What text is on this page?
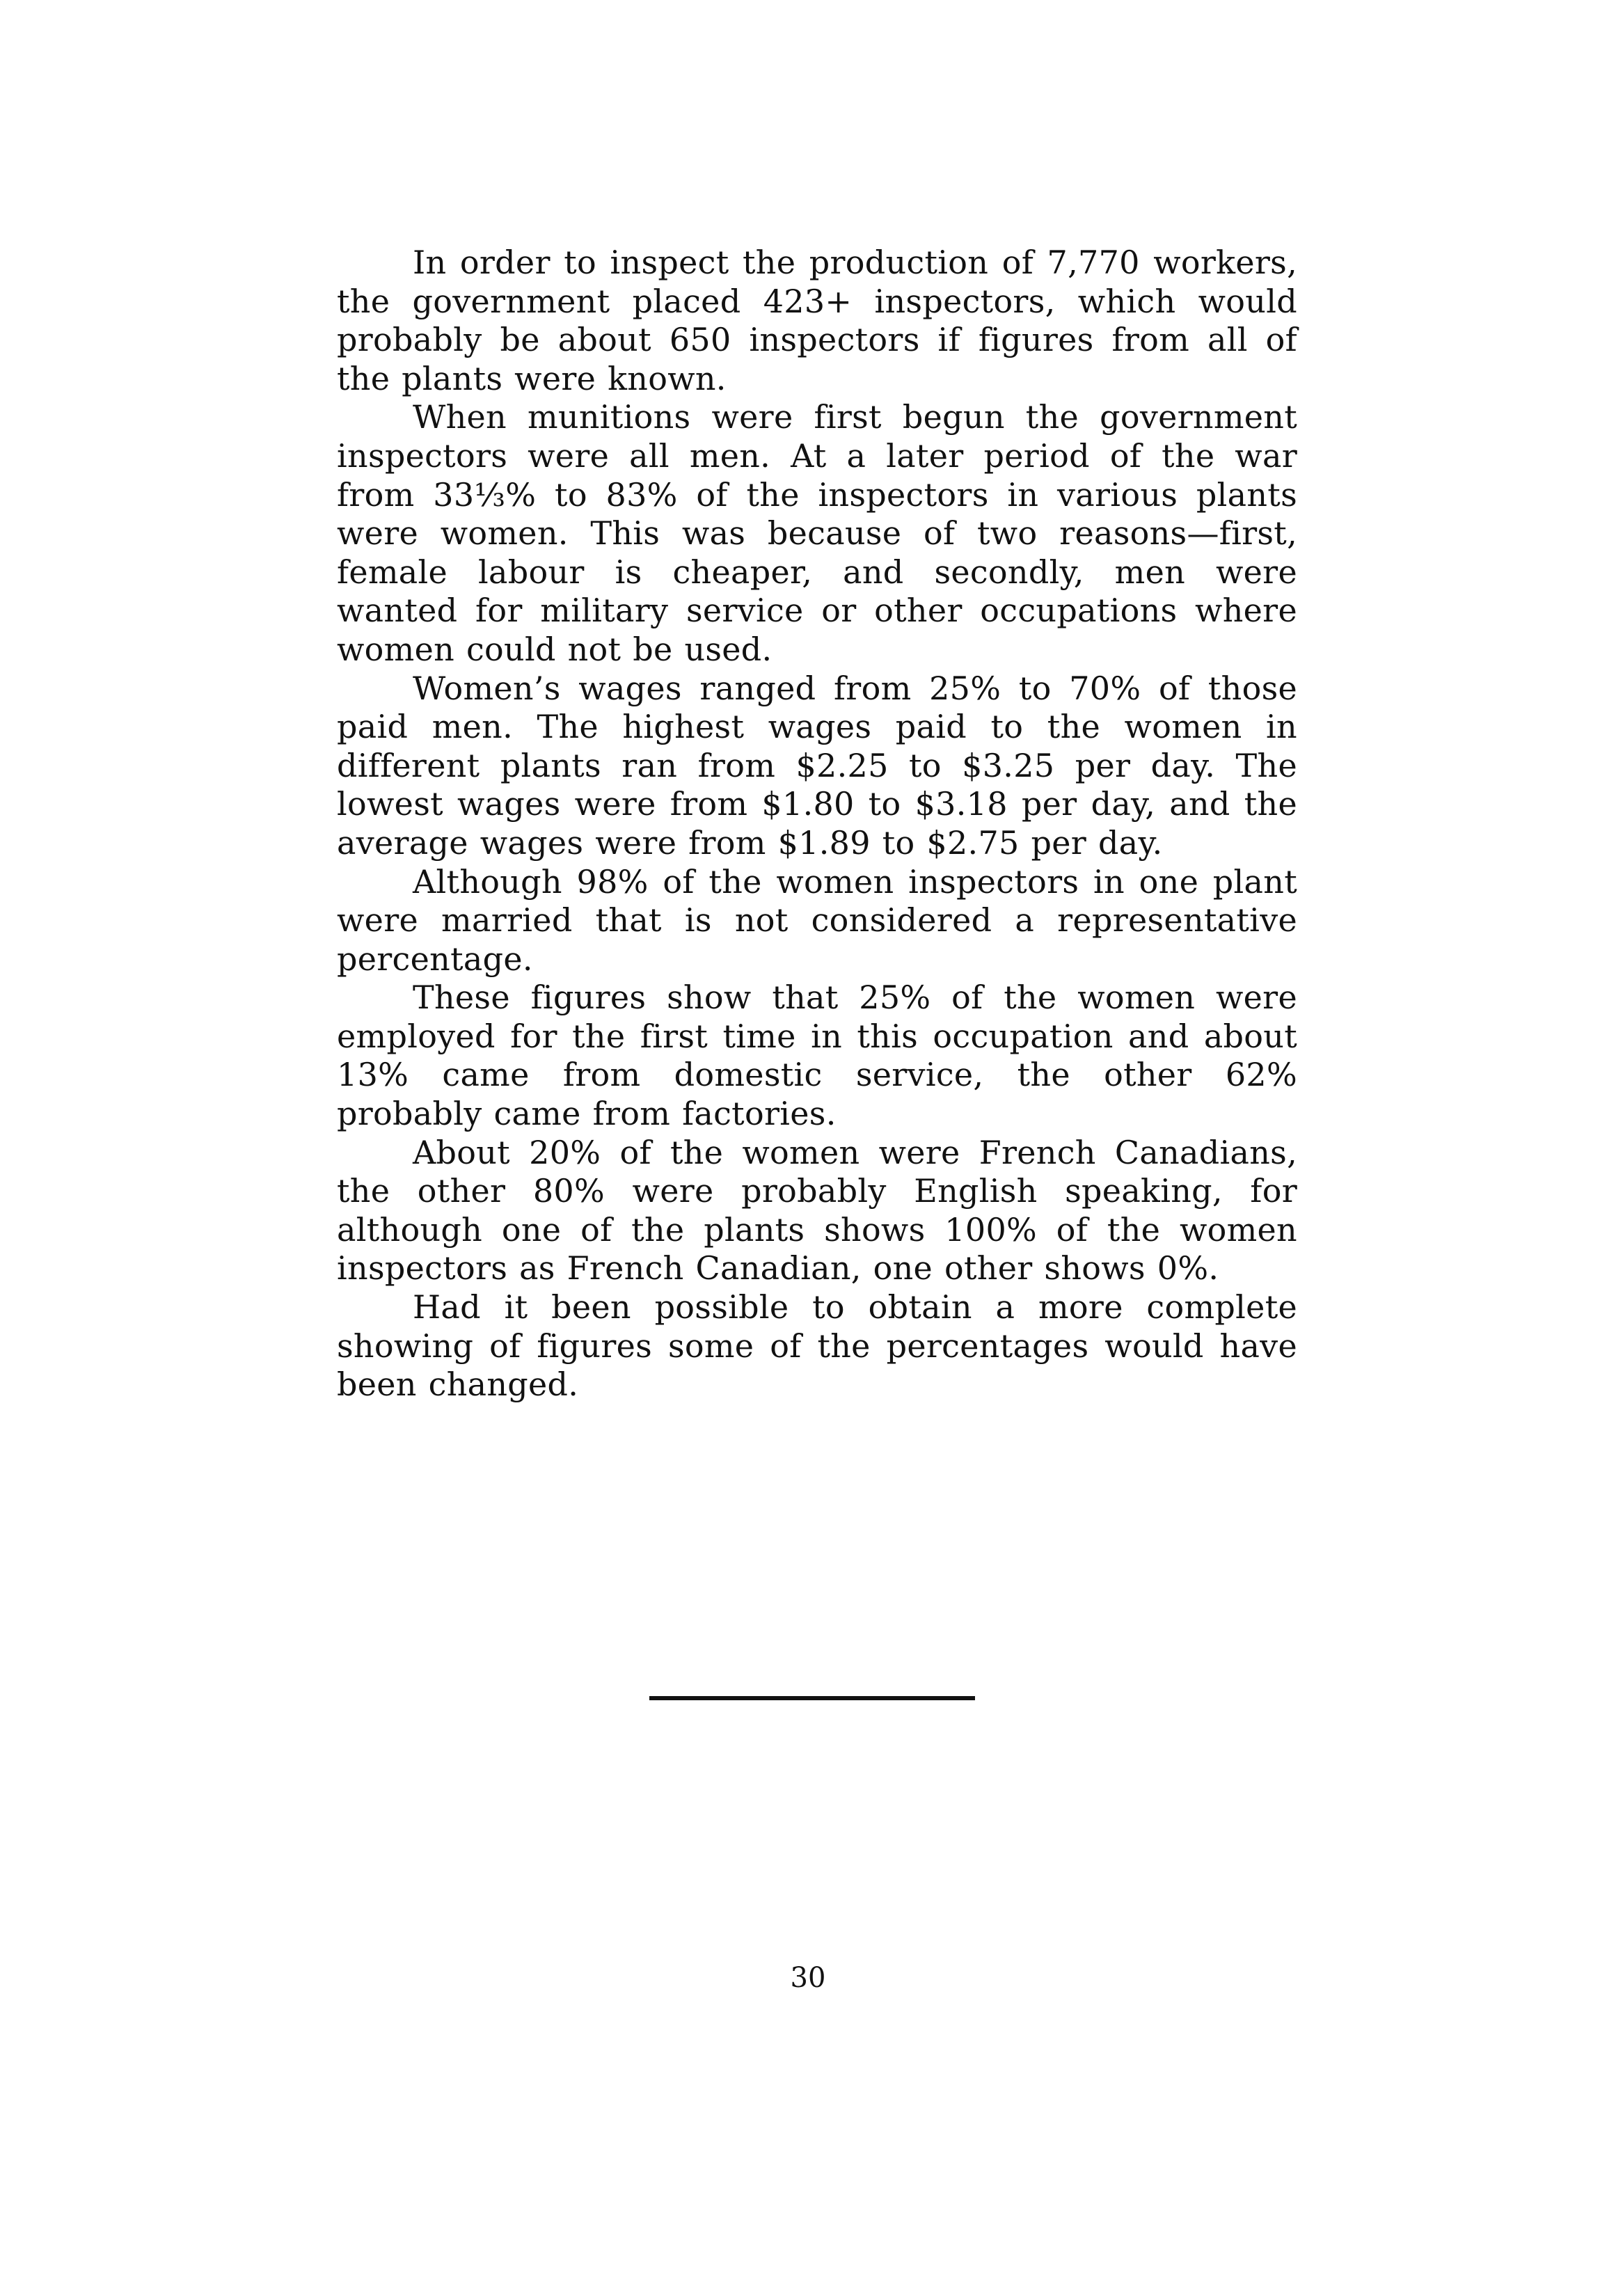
In order to inspect the production of 7,770 workers, the government placed 423+ inspectors, which would probably be about 650 inspectors if figures from all of the plants were known.

When munitions were first begun the government inspectors were all men. At a later period of the war from 33⅓% to 83% of the inspectors in various plants were women. This was because of two reasons—first, female labour is cheaper, and secondly, men were wanted for military service or other occupations where women could not be used.

Women’s wages ranged from 25% to 70% of those paid men. The highest wages paid to the women in different plants ran from $2.25 to $3.25 per day. The lowest wages were from $1.80 to $3.18 per day, and the average wages were from $1.89 to $2.75 per day.

Although 98% of the women inspectors in one plant were married that is not considered a representative percentage.

These figures show that 25% of the women were employed for the first time in this occupation and about 13% came from domestic service, the other 62% probably came from factories.

About 20% of the women were French Canadians, the other 80% were probably English speaking, for although one of the plants shows 100% of the women inspectors as French Canadian, one other shows 0%.

Had it been possible to obtain a more complete showing of figures some of the percentages would have been changed.

30
